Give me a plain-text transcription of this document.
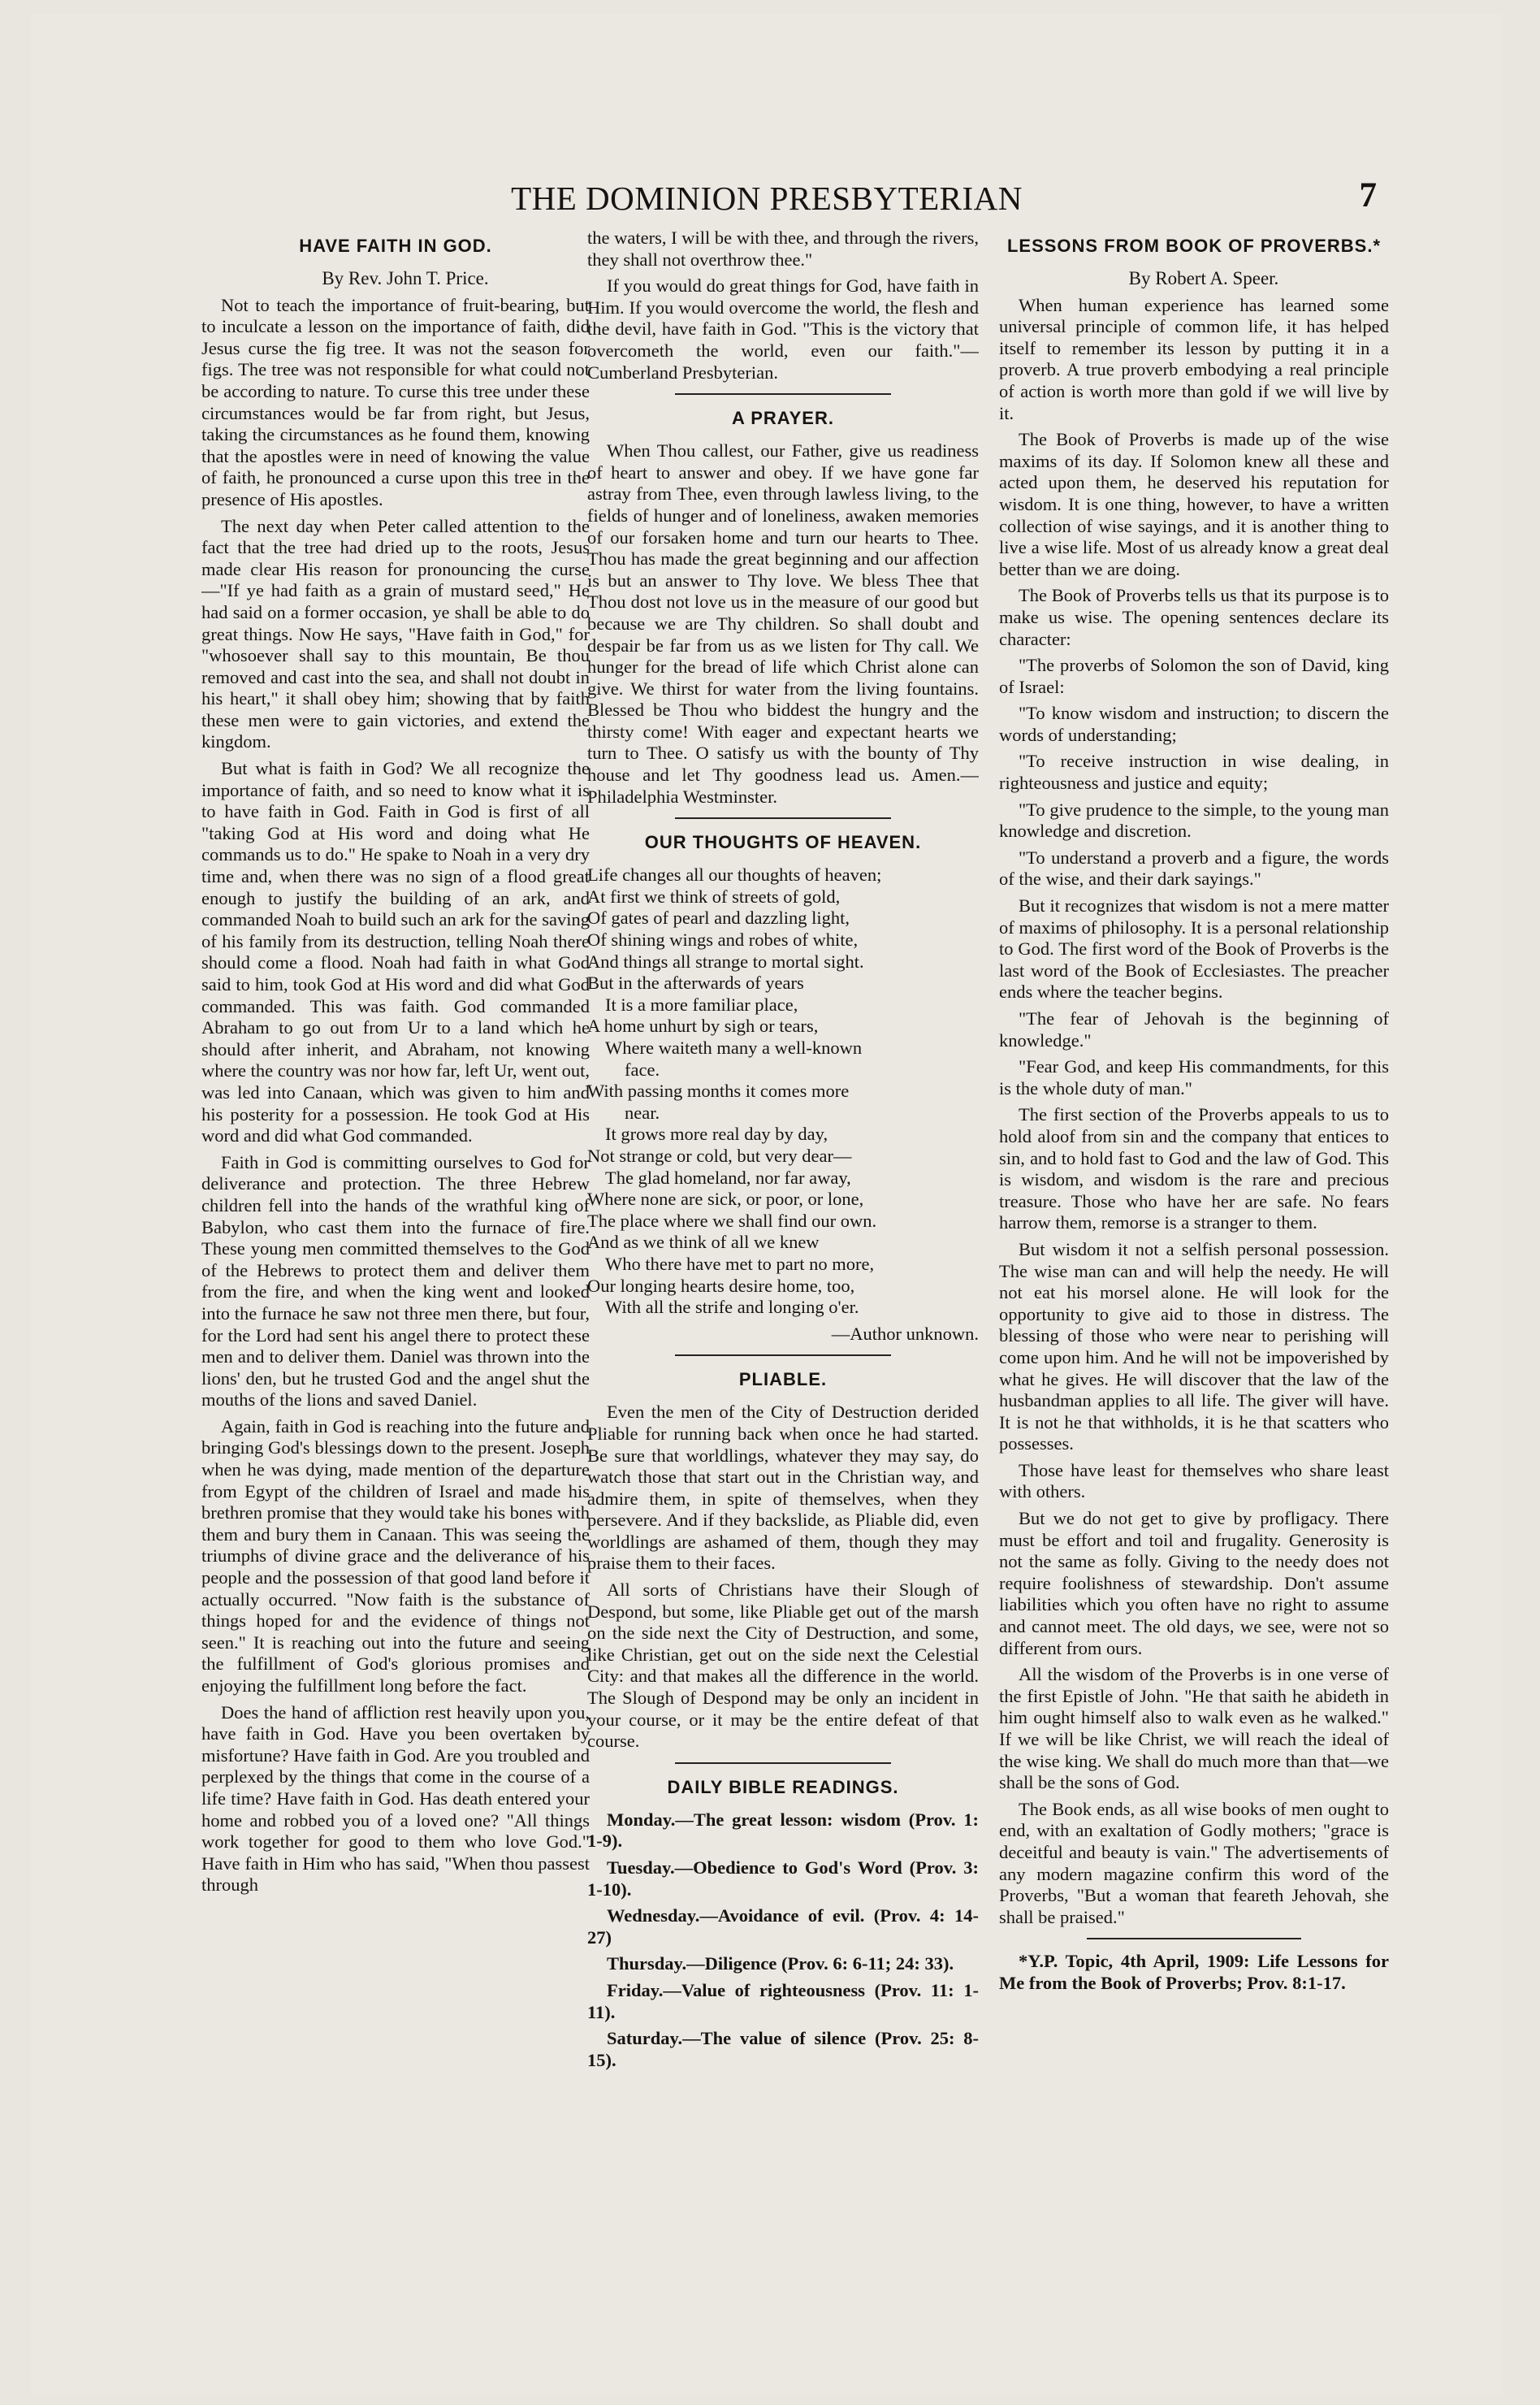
THE DOMINION PRESBYTERIAN	7
HAVE FAITH IN GOD.

By Rev. John T. Price.

Not to teach the importance of fruit-bearing, but to inculcate a lesson on the importance of faith, did Jesus curse the fig tree. It was not the season for figs. The tree was not responsible for what could not be according to nature. To curse this tree under these circumstances would be far from right, but Jesus, taking the circumstances as he found them, knowing that the apostles were in need of knowing the value of faith, he pronounced a curse upon this tree in the presence of His apostles.

The next day when Peter called attention to the fact that the tree had dried up to the roots, Jesus made clear His reason for pronouncing the curse—"If ye had faith as a grain of mustard seed," He had said on a former occasion, ye shall be able to do great things. Now He says, "Have faith in God," for "whosoever shall say to this mountain, Be thou removed and cast into the sea, and shall not doubt in his heart," it shall obey him; showing that by faith these men were to gain victories, and extend the kingdom.

But what is faith in God? We all recognize the importance of faith, and so need to know what it is to have faith in God. Faith in God is first of all "taking God at His word and doing what He commands us to do." He spake to Noah in a very dry time and, when there was no sign of a flood great enough to justify the building of an ark, and commanded Noah to build such an ark for the saving of his family from its destruction, telling Noah there should come a flood. Noah had faith in what God said to him, took God at His word and did what God commanded. This was faith. God commanded Abraham to go out from Ur to a land which he should after inherit, and Abraham, not knowing where the country was nor how far, left Ur, went out, was led into Canaan, which was given to him and his posterity for a possession. He took God at His word and did what God commanded.

Faith in God is committing ourselves to God for deliverance and protection. The three Hebrew children fell into the hands of the wrathful king of Babylon, who cast them into the furnace of fire. These young men committed themselves to the God of the Hebrews to protect them and deliver them from the fire, and when the king went and looked into the furnace he saw not three men there, but four, for the Lord had sent his angel there to protect these men and to deliver them. Daniel was thrown into the lions' den, but he trusted God and the angel shut the mouths of the lions and saved Daniel.

Again, faith in God is reaching into the future and bringing God's blessings down to the present. Joseph when he was dying, made mention of the departure from Egypt of the children of Israel and made his brethren promise that they would take his bones with them and bury them in Canaan. This was seeing the triumphs of divine grace and the deliverance of his people and the possession of that good land before it actually occurred. "Now faith is the substance of things hoped for and the evidence of things not seen." It is reaching out into the future and seeing the fulfillment of God's glorious promises and enjoying the fulfillment long before the fact.

Does the hand of affliction rest heavily upon you, have faith in God. Have you been overtaken by misfortune? Have faith in God. Are you troubled and perplexed by the things that come in the course of a life time? Have faith in God. Has death entered your home and robbed you of a loved one? "All things work together for good to them who love God." Have faith in Him who has said, "When thou passest through

the waters, I will be with thee, and through the rivers, they shall not overthrow thee."

If you would do great things for God, have faith in Him. If you would overcome the world, the flesh and the devil, have faith in God. "This is the victory that overcometh the world, even our faith."—Cumberland Presbyterian.

A PRAYER.

When Thou callest, our Father, give us readiness of heart to answer and obey. If we have gone far astray from Thee, even through lawless living, to the fields of hunger and of loneliness, awaken memories of our forsaken home and turn our hearts to Thee. Thou has made the great beginning and our affection is but an answer to Thy love. We bless Thee that Thou dost not love us in the measure of our good but because we are Thy children. So shall doubt and despair be far from us as we listen for Thy call. We hunger for the bread of life which Christ alone can give. We thirst for water from the living fountains. Blessed be Thou who biddest the hungry and the thirsty come! With eager and expectant hearts we turn to Thee. O satisfy us with the bounty of Thy house and let Thy goodness lead us. Amen.—Philadelphia Westminster.

OUR THOUGHTS OF HEAVEN.
Life changes all our thoughts of heaven;
At first we think of streets of gold,
Of gates of pearl and dazzling light,
Of shining wings and robes of white,
And things all strange to mortal sight.
But in the afterwards of years
It is a more familiar place,
A home unhurt by sigh or tears,
Where waiteth many a well-known
face.
With passing months it comes more
near.
It grows more real day by day,
Not strange or cold, but very dear—
The glad homeland, nor far away,
Where none are sick, or poor, or lone,
The place where we shall find our own.
And as we think of all we knew
Who there have met to part no more,
Our longing hearts desire home, too,
With all the strife and longing o'er.
—Author unknown.
PLIABLE.

Even the men of the City of Destruction derided Pliable for running back when once he had started. Be sure that worldlings, whatever they may say, do watch those that start out in the Christian way, and admire them, in spite of themselves, when they persevere. And if they backslide, as Pliable did, even worldlings are ashamed of them, though they may praise them to their faces.

All sorts of Christians have their Slough of Despond, but some, like Pliable get out of the marsh on the side next the City of Destruction, and some, like Christian, get out on the side next the Celestial City: and that makes all the difference in the world. The Slough of Despond may be only an incident in your course, or it may be the entire defeat of that course.

DAILY BIBLE READINGS.

Monday.—The great lesson: wisdom (Prov. 1: 1-9).

Tuesday.—Obedience to God's Word (Prov. 3: 1-10).

Wednesday.—Avoidance of evil. (Prov. 4: 14-27)

Thursday.—Diligence (Prov. 6: 6-11; 24: 33).

Friday.—Value of righteousness (Prov. 11: 1-11).

Saturday.—The value of silence (Prov. 25: 8-15).

LESSONS FROM BOOK OF PROVERBS.*

By Robert A. Speer.

When human experience has learned some universal principle of common life, it has helped itself to remember its lesson by putting it in a proverb. A true proverb embodying a real principle of action is worth more than gold if we will live by it.

The Book of Proverbs is made up of the wise maxims of its day. If Solomon knew all these and acted upon them, he deserved his reputation for wisdom. It is one thing, however, to have a written collection of wise sayings, and it is another thing to live a wise life. Most of us already know a great deal better than we are doing.

The Book of Proverbs tells us that its purpose is to make us wise. The opening sentences declare its character:

"The proverbs of Solomon the son of David, king of Israel:

"To know wisdom and instruction; to discern the words of understanding;

"To receive instruction in wise dealing, in righteousness and justice and equity;

"To give prudence to the simple, to the young man knowledge and discretion.

"To understand a proverb and a figure, the words of the wise, and their dark sayings."

But it recognizes that wisdom is not a mere matter of maxims of philosophy. It is a personal relationship to God. The first word of the Book of Proverbs is the last word of the Book of Ecclesiastes. The preacher ends where the teacher begins.

"The fear of Jehovah is the beginning of knowledge."

"Fear God, and keep His commandments, for this is the whole duty of man."

The first section of the Proverbs appeals to us to hold aloof from sin and the company that entices to sin, and to hold fast to God and the law of God. This is wisdom, and wisdom is the rare and precious treasure. Those who have her are safe. No fears harrow them, remorse is a stranger to them.

But wisdom it not a selfish personal possession. The wise man can and will help the needy. He will not eat his morsel alone. He will look for the opportunity to give aid to those in distress. The blessing of those who were near to perishing will come upon him. And he will not be impoverished by what he gives. He will discover that the law of the husbandman applies to all life. The giver will have. It is not he that withholds, it is he that scatters who possesses.

Those have least for themselves who share least with others.

But we do not get to give by profligacy. There must be effort and toil and frugality. Generosity is not the same as folly. Giving to the needy does not require foolishness of stewardship. Don't assume liabilities which you often have no right to assume and cannot meet. The old days, we see, were not so different from ours.

All the wisdom of the Proverbs is in one verse of the first Epistle of John. "He that saith he abideth in him ought himself also to walk even as he walked." If we will be like Christ, we will reach the ideal of the wise king. We shall do much more than that—we shall be the sons of God.

The Book ends, as all wise books of men ought to end, with an exaltation of Godly mothers; "grace is deceitful and beauty is vain." The advertisements of any modern magazine confirm this word of the Proverbs, "But a woman that feareth Jehovah, she shall be praised."

*Y.P. Topic, 4th April, 1909: Life Lessons for Me from the Book of Proverbs; Prov. 8:1-17.
